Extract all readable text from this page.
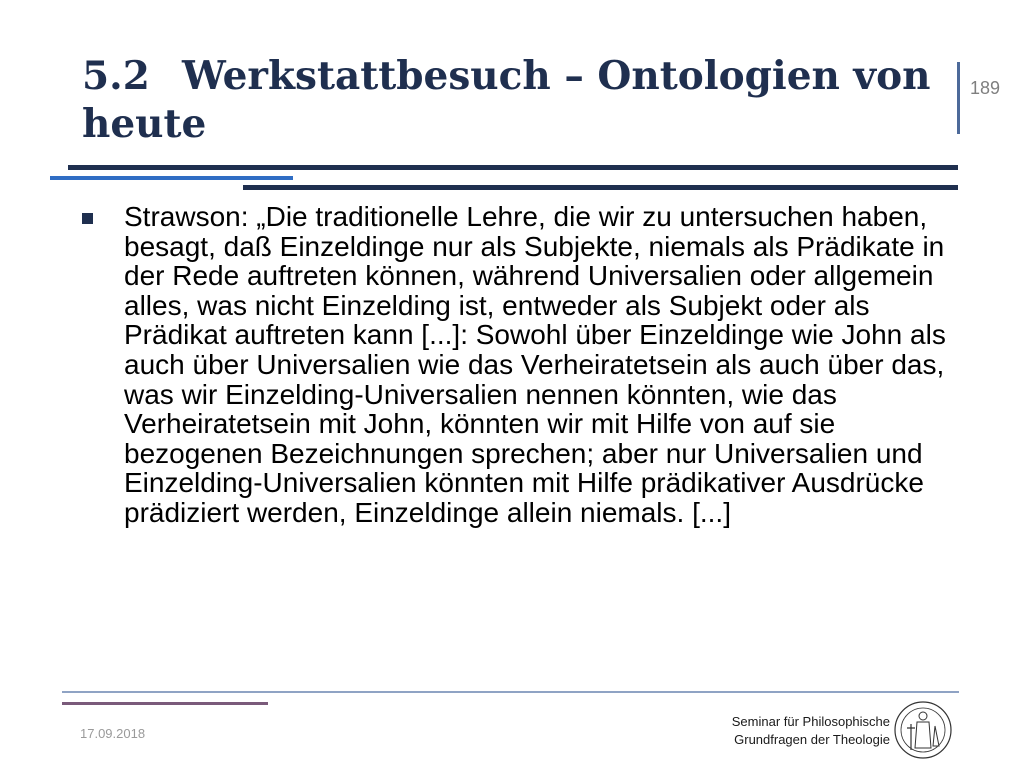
5.2 Werkstattbesuch – Ontologien von heute
189
Strawson: „Die traditionelle Lehre, die wir zu untersuchen haben, besagt, daß Einzeldinge nur als Subjekte, niemals als Prädikate in der Rede auftreten können, während Universalien oder allgemein alles, was nicht Einzelding ist, entweder als Subjekt oder als Prädikat auftreten kann [...]: Sowohl über Einzeldinge wie John als auch über Universalien wie das Verheiratetsein als auch über das, was wir Einzelding-Universalien nennen könnten, wie das Verheiratetsein mit John, könnten wir mit Hilfe von auf sie bezogenen Bezeichnungen sprechen; aber nur Universalien und Einzelding-Universalien könnten mit Hilfe prädikativer Ausdrücke prädiziert werden, Einzeldinge allein niemals. [...]
17.09.2018
Seminar für Philosophische
Grundfragen der Theologie
